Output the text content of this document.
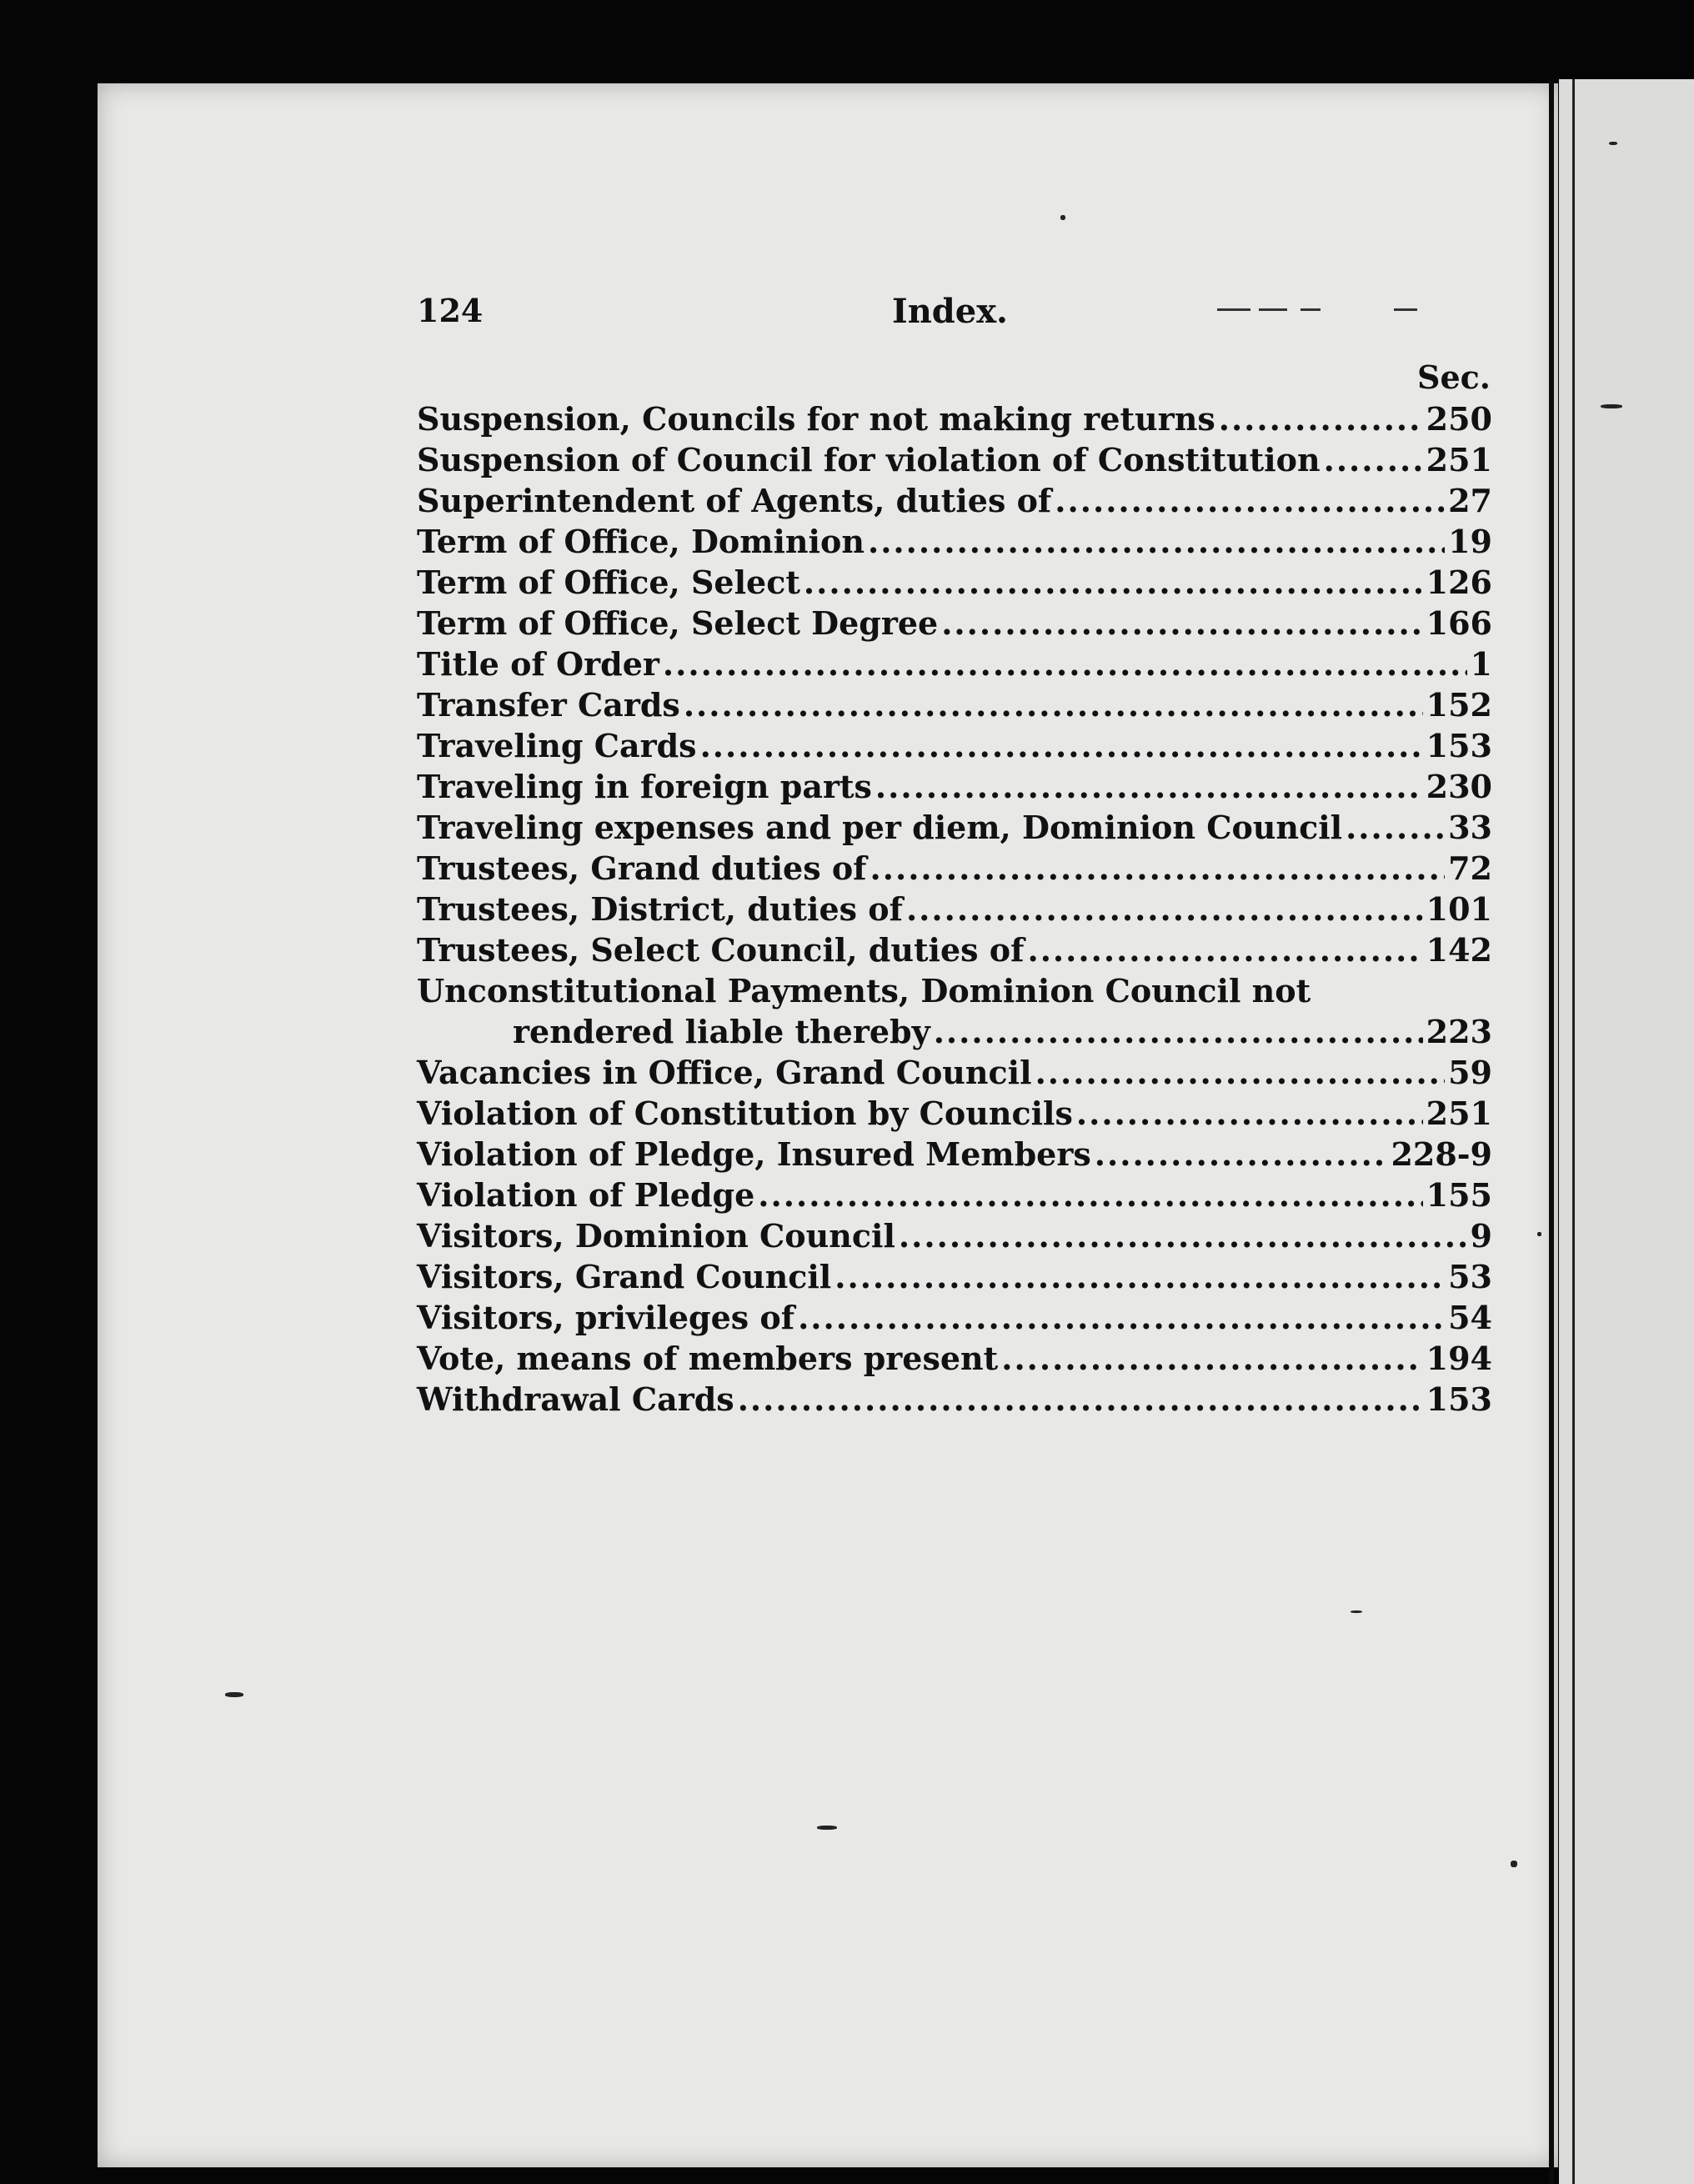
124	Index.
Sec.
Suspension, Councils for not making returns .....	250
Suspension of Council for violation of Constitution .....	251
Superintendent of Agents, duties of .....	27
Term of Office, Dominion .....	19
Term of Office, Select .....	126
Term of Office, Select Degree .....	166
Title of Order .....	1
Transfer Cards .....	152
Traveling Cards .....	153
Traveling in foreign parts .....	230
Traveling expenses and per diem, Dominion Council .....	33
Trustees, Grand duties of .....	72
Trustees, District, duties of .....	101
Trustees, Select Council, duties of .....	142
Unconstitutional Payments, Dominion Council not
rendered liable thereby .....	223
Vacancies in Office, Grand Council .....	59
Violation of Constitution by Councils .....	251
Violation of Pledge, Insured Members .....	228-9
Violation of Pledge .....	155
Visitors, Dominion Council .....	9
Visitors, Grand Council .....	53
Visitors, privileges of .....	54
Vote, means of members present .....	194
Withdrawal Cards .....	153
